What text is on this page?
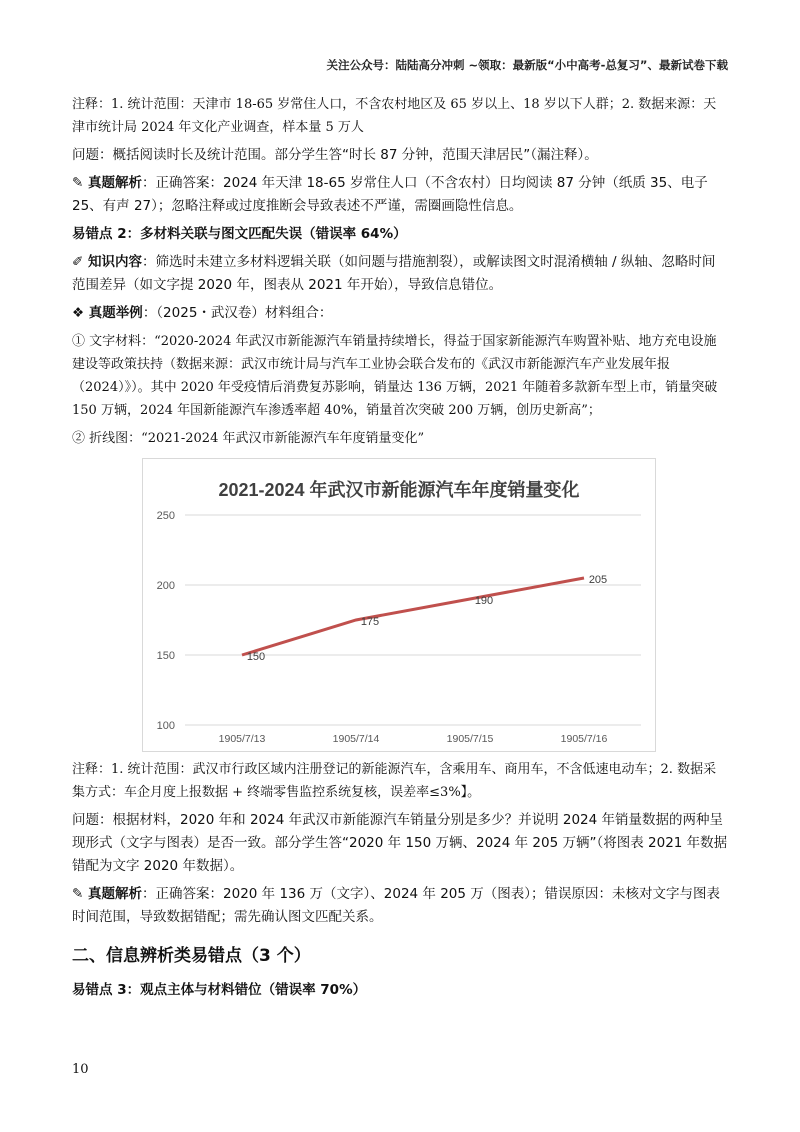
关注公众号：陆陆高分冲刺 ~领取：最新版“小中高考-总复习”、最新试卷下载

注释：1. 统计范围：天津市 18-65 岁常住人口，不含农村地区及 65 岁以上、18 岁以下人群；2. 数据来源：天津市统计局 2024 年文化产业调查，样本量 5 万人

问题：概括阅读时长及统计范围。部分学生答“时长 87 分钟，范围天津居民”（漏注释）。

✎ 真题解析：正确答案：2024 年天津 18-65 岁常住人口（不含农村）日均阅读 87 分钟（纸质 35、电子 25、有声 27）；忽略注释或过度推断会导致表述不严谨，需圈画隐性信息。

易错点 2：多材料关联与图文匹配失误（错误率 64%）

✐ 知识内容：筛选时未建立多材料逻辑关联（如问题与措施割裂），或解读图文时混淆横轴 / 纵轴、忽略时间范围差异（如文字提 2020 年，图表从 2021 年开始），导致信息错位。

❖ 真题举例：（2025・武汉卷）材料组合：

① 文字材料：“2020-2024 年武汉市新能源汽车销量持续增长，得益于国家新能源汽车购置补贴、地方充电设施建设等政策扶持（数据来源：武汉市统计局与汽车工业协会联合发布的《武汉市新能源汽车产业发展年报（2024）》）。其中 2020 年受疫情后消费复苏影响，销量达 136 万辆，2021 年随着多款新车型上市，销量突破 150 万辆，2024 年国新能源汽车渗透率超 40%，销量首次突破 200 万辆，创历史新高”；

② 折线图：“2021-2024 年武汉市新能源汽车年度销量变化”

2021-2024 年武汉市新能源汽车年度销量变化
100
150
200
250
1905/7/13	1905/7/14	1905/7/15	1905/7/16
150
175
190
205

注释：1. 统计范围：武汉市行政区域内注册登记的新能源汽车，含乘用车、商用车，不含低速电动车；2. 数据采集方式：车企月度上报数据 + 终端零售监控系统复核，误差率≤3%】。

问题：根据材料，2020 年和 2024 年武汉市新能源汽车销量分别是多少？并说明 2024 年销量数据的两种呈现形式（文字与图表）是否一致。部分学生答“2020 年 150 万辆、2024 年 205 万辆”（将图表 2021 年数据错配为文字 2020 年数据）。

✎ 真题解析：正确答案：2020 年 136 万（文字）、2024 年 205 万（图表）；错误原因：未核对文字与图表时间范围，导致数据错配；需先确认图文匹配关系。

二、信息辨析类易错点（3 个）

易错点 3：观点主体与材料错位（错误率 70%）

10
